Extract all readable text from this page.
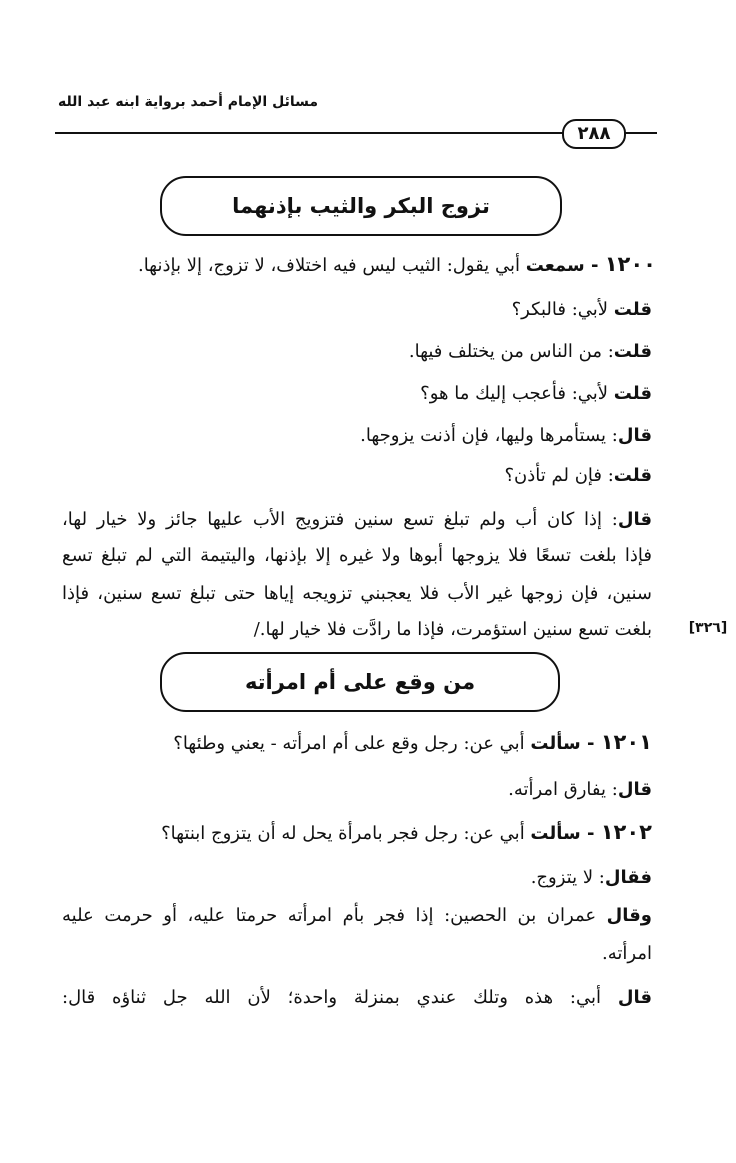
مسائل الإمام أحمد برواية ابنه عبد الله
٢٨٨
تزوج البكر والثيب بإذنهما
١٢٠٠ - سمعت أبي يقول: الثيب ليس فيه اختلاف، لا تزوج، إلا بإذنها.
قلت لأبي: فالبكر؟
قلت: من الناس من يختلف فيها.
قلت لأبي: فأعجب إليك ما هو؟
قال: يستأمرها وليها، فإن أذنت يزوجها.
قلت: فإن لم تأذن؟
قال: إذا كان أب ولم تبلغ تسع سنين فتزويج الأب عليها جائز ولا خيار لها،
فإذا بلغت تسعًا فلا يزوجها أبوها ولا غيره إلا بإذنها، واليتيمة التي لم تبلغ تسع
سنين، فإن زوجها غير الأب فلا يعجبني تزويجه إياها حتى تبلغ تسع سنين، فإذا
بلغت تسع سنين استؤمرت، فإذا ما رادَّت فلا خيار لها./	[٣٢٦]
من وقع على أم امرأته
١٢٠١ - سألت أبي عن: رجل وقع على أم امرأته - يعني وطئها؟
قال: يفارق امرأته.
١٢٠٢ - سألت أبي عن: رجل فجر بامرأة يحل له أن يتزوج ابنتها؟
فقال: لا يتزوج.
وقال عمران بن الحصين: إذا فجر بأم امرأته حرمتا عليه، أو حرمت عليه
امرأته.
قال أبي: هذه وتلك عندي بمنزلة واحدة؛ لأن الله جل ثناؤه قال:
